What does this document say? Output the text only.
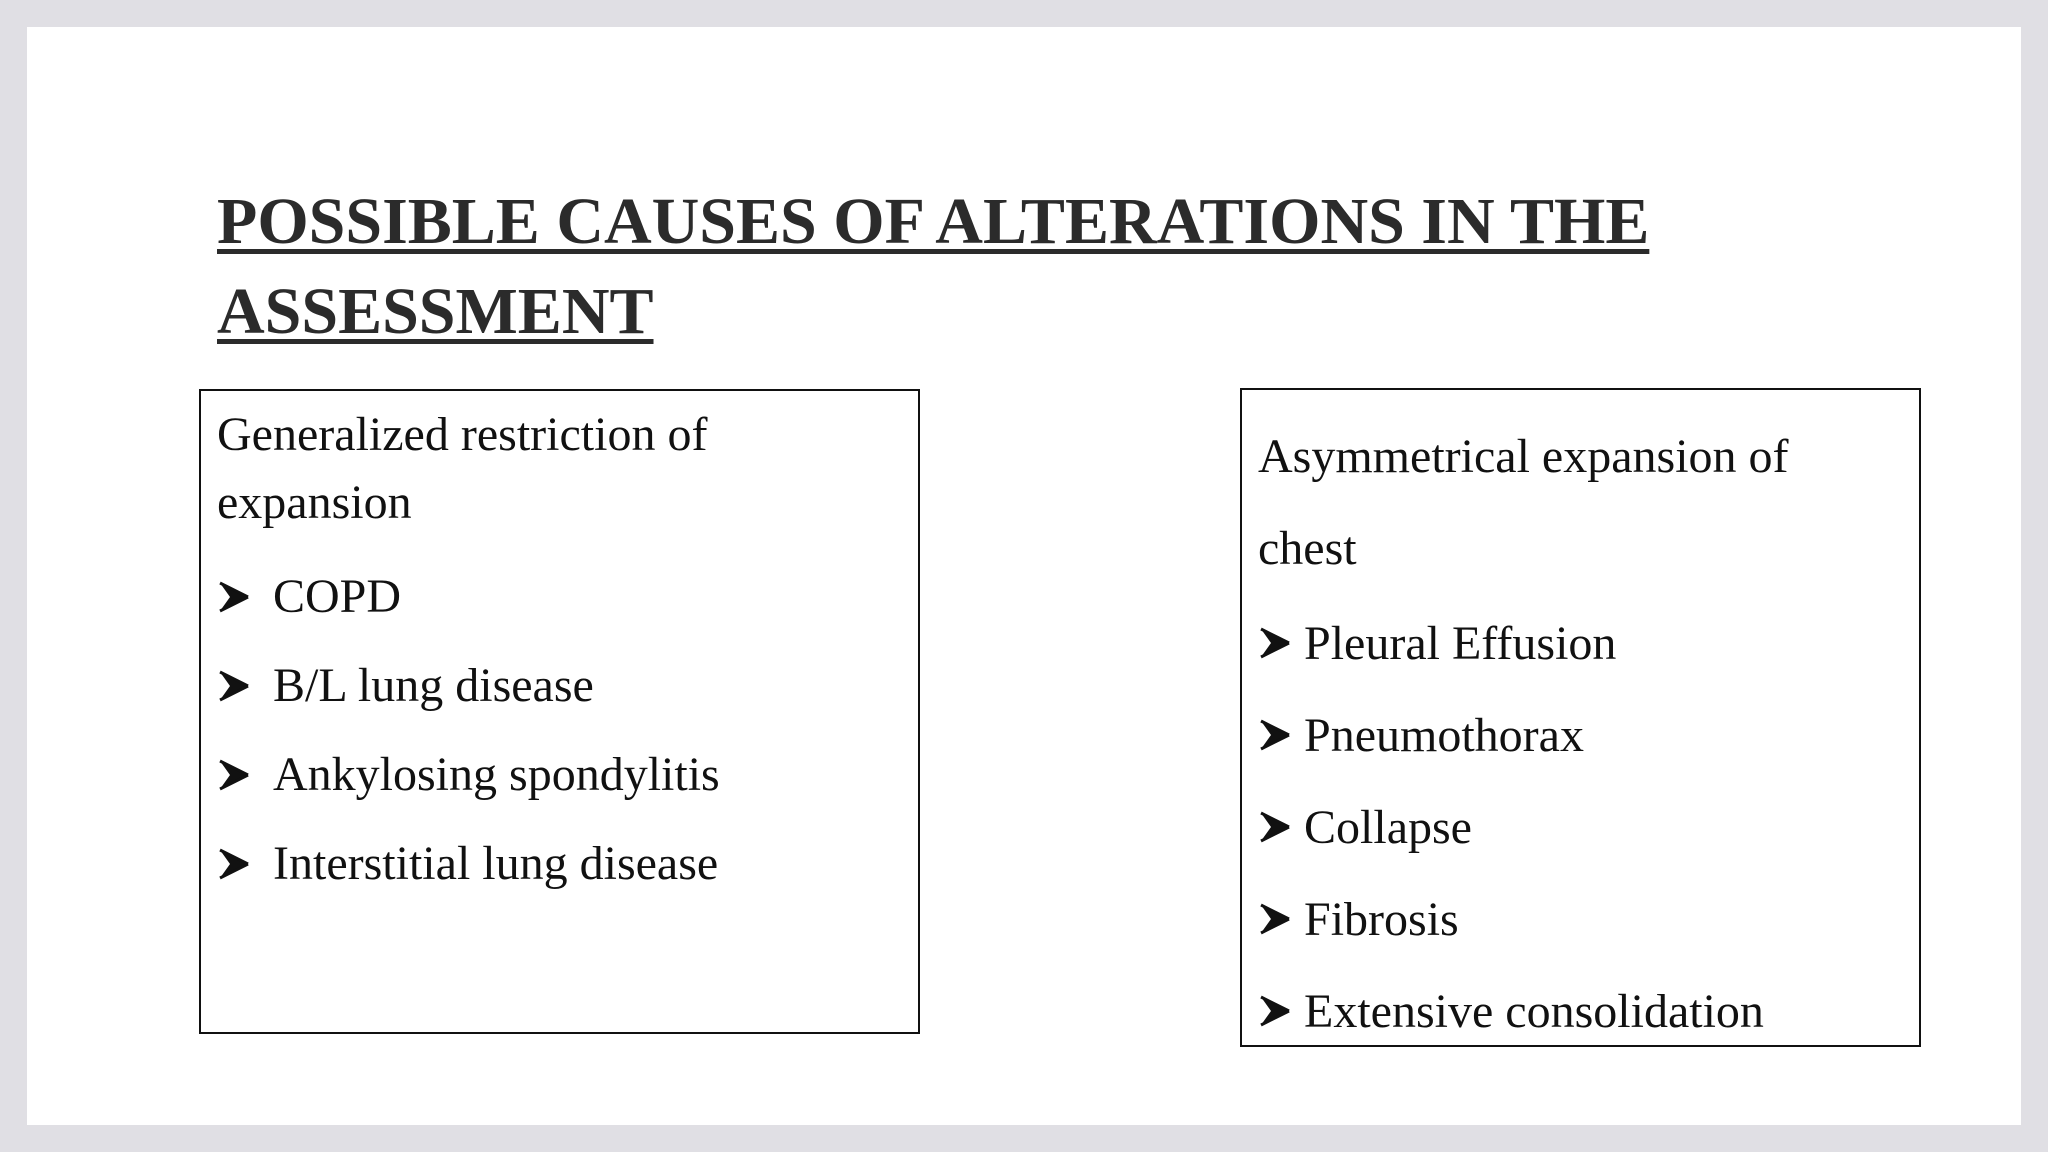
POSSIBLE CAUSES OF ALTERATIONS IN THE ASSESSMENT

Generalized restriction of expansion

COPD
B/L lung disease
Ankylosing spondylitis
Interstitial lung disease

Asymmetrical expansion of chest

Pleural Effusion
Pneumothorax
Collapse
Fibrosis
Extensive consolidation
